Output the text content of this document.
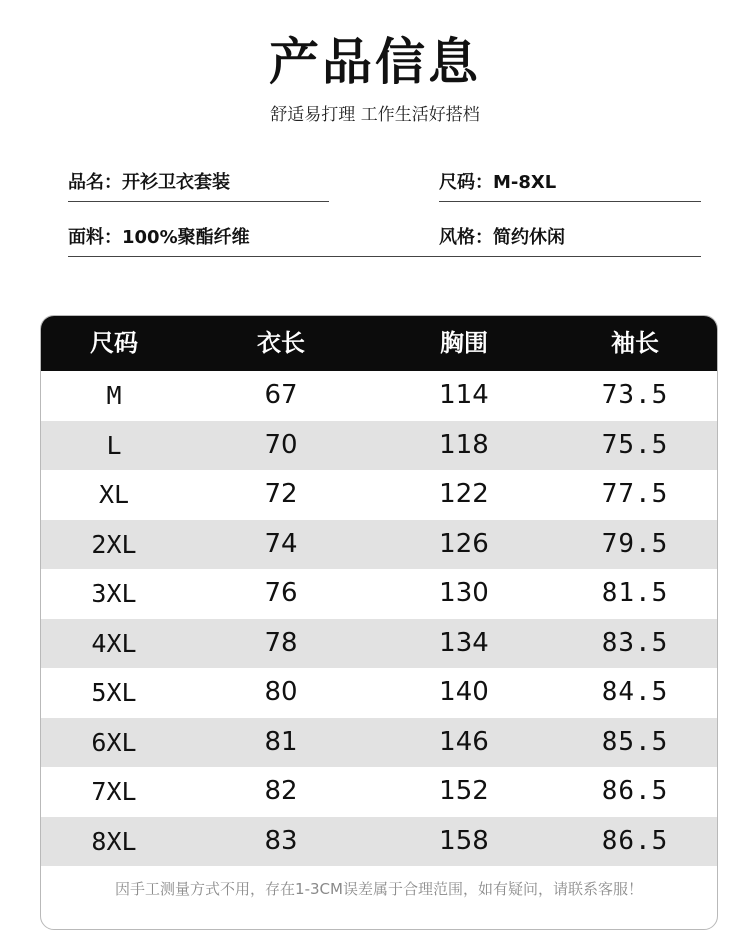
产品信息
舒适易打理 工作生活好搭档
品名：开衫卫衣套装	尺码：M-8XL
面料：100%聚酯纤维	风格：简约休闲
尺码	衣长	胸围	袖长
M	67	114	73.5
L	70	118	75.5
XL	72	122	77.5
2XL	74	126	79.5
3XL	76	130	81.5
4XL	78	134	83.5
5XL	80	140	84.5
6XL	81	146	85.5
7XL	82	152	86.5
8XL	83	158	86.5
因手工测量方式不用，存在1-3CM误差属于合理范围，如有疑问，请联系客服！
